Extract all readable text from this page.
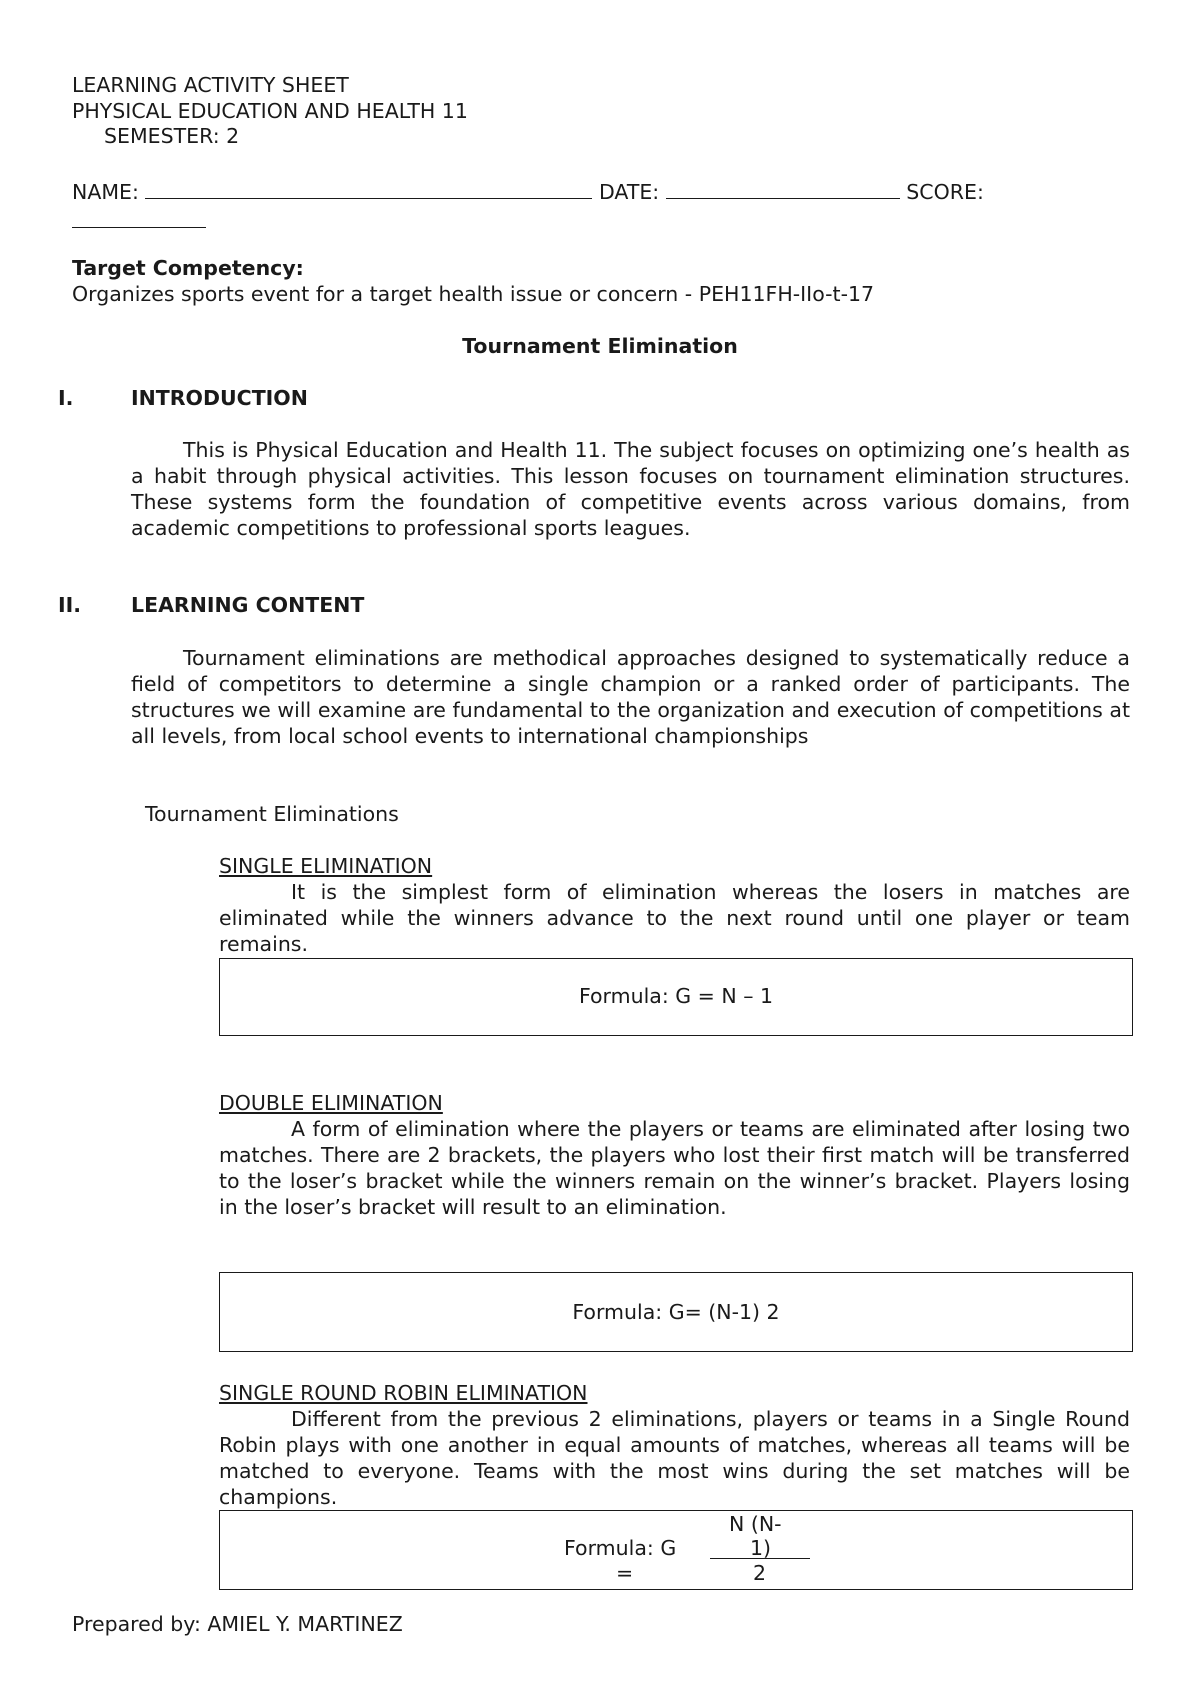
LEARNING ACTIVITY SHEET
PHYSICAL EDUCATION AND HEALTH 11
SEMESTER: 2
NAME:	DATE:	SCORE:
Target Competency:
Organizes sports event for a target health issue or concern - PEH11FH-IIo-t-17
Tournament Elimination
I.	INTRODUCTION
This is Physical Education and Health 11. The subject focuses on optimizing one’s health as a habit through physical activities. This lesson focuses on tournament elimination structures. These systems form the foundation of competitive events across various domains, from academic competitions to professional sports leagues.
II. LEARNING CONTENT
Tournament eliminations are methodical approaches designed to systematically reduce a field of competitors to determine a single champion or a ranked order of participants. The structures we will examine are fundamental to the organization and execution of competitions at all levels, from local school events to international championships
Tournament Eliminations
SINGLE ELIMINATION
It is the simplest form of elimination whereas the losers in matches are eliminated while the winners advance to the next round until one player or team remains.
Formula: G = N – 1
DOUBLE ELIMINATION
A form of elimination where the players or teams are eliminated after losing two matches. There are 2 brackets, the players who lost their first match will be transferred to the loser’s bracket while the winners remain on the winner’s bracket. Players losing in the loser’s bracket will result to an elimination.
Formula: G= (N-1) 2
SINGLE ROUND ROBIN ELIMINATION
Different from the previous 2 eliminations, players or teams in a Single Round Robin plays with one another in equal amounts of matches, whereas all teams will be matched to everyone. Teams with the most wins during the set matches will be champions.
Formula: G
=
N (N-
1)
2
Prepared by: AMIEL Y. MARTINEZ
